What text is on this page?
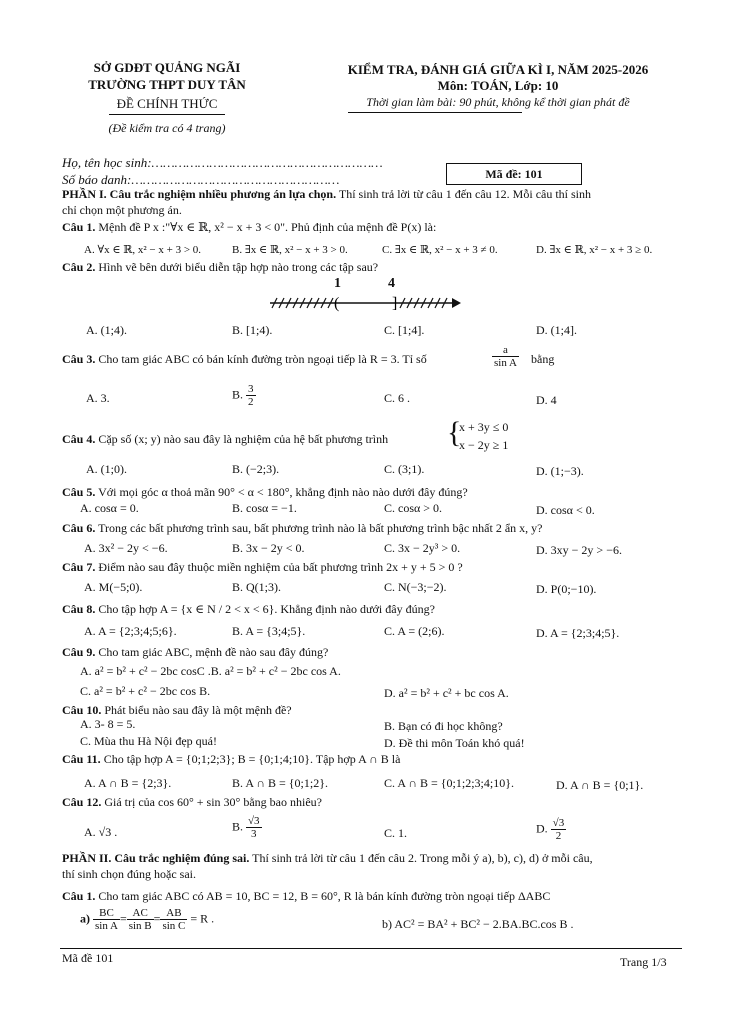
SỞ GDĐT QUẢNG NGÃI
TRƯỜNG THPT DUY TÂN
ĐỀ CHÍNH THỨC
(Đề kiểm tra có 4 trang)
KIỂM TRA, ĐÁNH GIÁ GIỮA KÌ I, NĂM 2025-2026
Môn: TOÁN, Lớp: 10
Thời gian làm bài: 90 phút, không kể thời gian phát đề
Họ, tên học sinh:……………………………………………………
Số báo danh:………………………………………………	Mã đề: 101
PHẦN I. Câu trắc nghiệm nhiều phương án lựa chọn. Thí sinh trả lời từ câu 1 đến câu 12. Mỗi câu thí sinh
chỉ chọn một phương án.
Câu 1. Mệnh đề P x :"∀x ∈ ℝ, x² − x + 3 < 0". Phủ định của mệnh đề P(x) là:
A. ∀x ∈ ℝ, x² − x + 3 > 0.	B. ∃x ∈ ℝ, x² − x + 3 > 0.	C. ∃x ∈ ℝ, x² − x + 3 ≠ 0.	D. ∃x ∈ ℝ, x² − x + 3 ≥ 0.
Câu 2. Hình vẽ bên dưới biểu diễn tập hợp nào trong các tập sau?
1	4
(	]
A. (1;4).	B. [1;4).	C. [1;4].	D. (1;4].
Câu 3. Cho tam giác ABC có bán kính đường tròn ngoại tiếp là R = 3. Tỉ số	$\frac{a}{\text{sin A}}$ bằng
A. 3.	B. $\frac{3}{2}$	C. 6 .	D. 4
Câu 4. Cặp số (x; y) nào sau đây là nghiệm của hệ bất phương trình {
x + 3y ≤ 0
x − 2y ≥ 1
A. (1;0).	B. (−2;3).	C. (3;1).	D. (1;−3).
Câu 5. Với mọi góc α thoả mãn 90° < α < 180°, khẳng định nào nào dưới đây đúng?
A. cosα = 0.	B. cosα = −1.	C. cosα > 0.	D. cosα < 0.
Câu 6. Trong các bất phương trình sau, bất phương trình nào là bất phương trình bậc nhất 2 ẩn x, y?
A. 3x² − 2y < −6.	B. 3x − 2y < 0.	C. 3x − 2y³ > 0.	D. 3xy − 2y > −6.
Câu 7. Điểm nào sau đây thuộc miền nghiệm của bất phương trình 2x + y + 5 > 0 ?
A. M(−5;0).	B. Q(1;3).	C. N(−3;−2).	D. P(0;−10).
Câu 8. Cho tập hợp A = {x ∈ N / 2 < x < 6}. Khẳng định nào dưới đây đúng?
A. A = {2;3;4;5;6}.	B. A = {3;4;5}.	C. A = (2;6).	D. A = {2;3;4;5}.
Câu 9. Cho tam giác ABC, mệnh đề nào sau đây đúng?
A. a² = b² + c² − 2bc cosC .B. a² = b² + c² − 2bc cos A.
C. a² = b² + c² − 2bc cos B.	D. a² = b² + c² + bc cos A.
Câu 10. Phát biểu nào sau đây là một mệnh đề?
A. 3- 8 = 5.	B. Bạn có đi học không?
C. Mùa thu Hà Nội đẹp quá!	D. Đề thi môn Toán khó quá!
Câu 11. Cho tập hợp A = {0;1;2;3}; B = {0;1;4;10}. Tập hợp A ∩ B là
A. A ∩ B = {2;3}.	B. A ∩ B = {0;1;2}.	C. A ∩ B = {0;1;2;3;4;10}.	D. A ∩ B = {0;1}.
Câu 12. Giá trị của cos 60° + sin 30° bằng bao nhiêu?
A. √3 .	B. $\frac{√3}{3}$	C. 1.	D. $\frac{√3}{2}$
PHẦN II. Câu trắc nghiệm đúng sai. Thí sinh trả lời từ câu 1 đến câu 2. Trong mỗi ý a), b), c), d) ở mỗi câu,
thí sinh chọn đúng hoặc sai.
Câu 1. Cho tam giác ABC có AB = 10, BC = 12, B = 60°, R là bán kính đường tròn ngoại tiếp ΔABC
$a) \frac{BC}{\text{sin A}} = \frac{AC}{\text{sin B}} = \frac{AB}{\text{sin C}} = R$ .	b) AC² = BA² + BC² − 2.BA.BC.cos B .
Mã đề 101	Trang 1/3
